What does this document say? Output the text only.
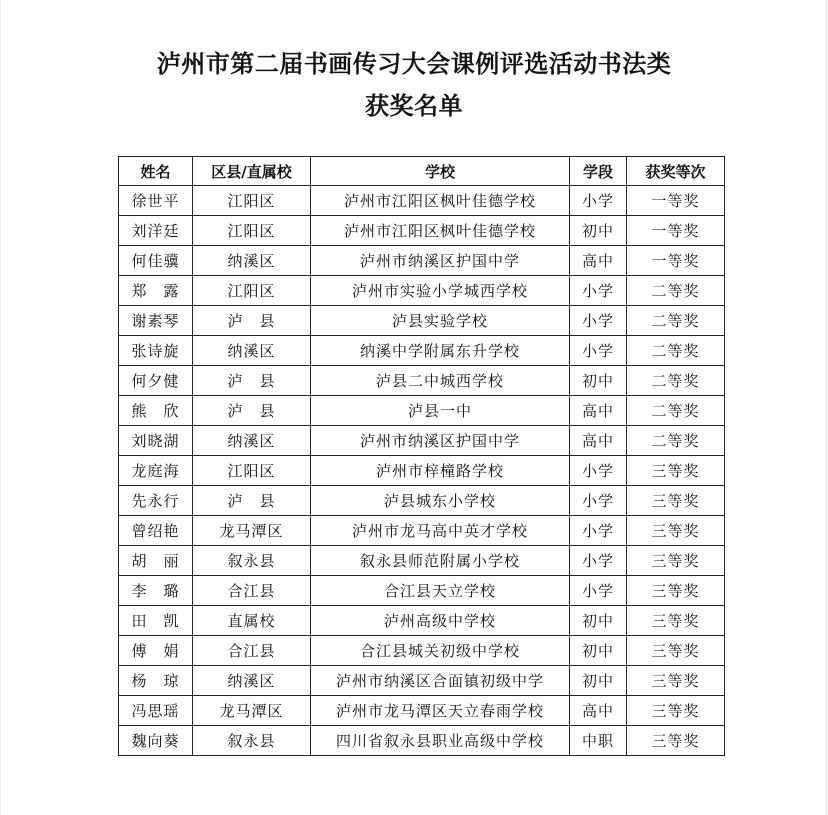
泸州市第二届书画传习大会课例评选活动书法类
获奖名单
姓名	区县/直属校	学校	学段	获奖等次
徐世平	江阳区	泸州市江阳区枫叶佳德学校	小学	一等奖
刘洋廷	江阳区	泸州市江阳区枫叶佳德学校	初中	一等奖
何佳骥	纳溪区	泸州市纳溪区护国中学	高中	一等奖
郑　露	江阳区	泸州市实验小学城西学校	小学	二等奖
谢素琴	泸　县	泸县实验学校	小学	二等奖
张诗旋	纳溪区	纳溪中学附属东升学校	小学	二等奖
何夕健	泸　县	泸县二中城西学校	初中	二等奖
熊　欣	泸　县	泸县一中	高中	二等奖
刘晓湖	纳溪区	泸州市纳溪区护国中学	高中	二等奖
龙庭海	江阳区	泸州市梓橦路学校	小学	三等奖
先永行	泸　县	泸县城东小学校	小学	三等奖
曾绍艳	龙马潭区	泸州市龙马高中英才学校	小学	三等奖
胡　丽	叙永县	叙永县师范附属小学校	小学	三等奖
李　璐	合江县	合江县天立学校	小学	三等奖
田　凯	直属校	泸州高级中学校	初中	三等奖
傅　娟	合江县	合江县城关初级中学校	初中	三等奖
杨　琼	纳溪区	泸州市纳溪区合面镇初级中学	初中	三等奖
冯思瑶	龙马潭区	泸州市龙马潭区天立春雨学校	高中	三等奖
魏向葵	叙永县	四川省叙永县职业高级中学校	中职	三等奖
